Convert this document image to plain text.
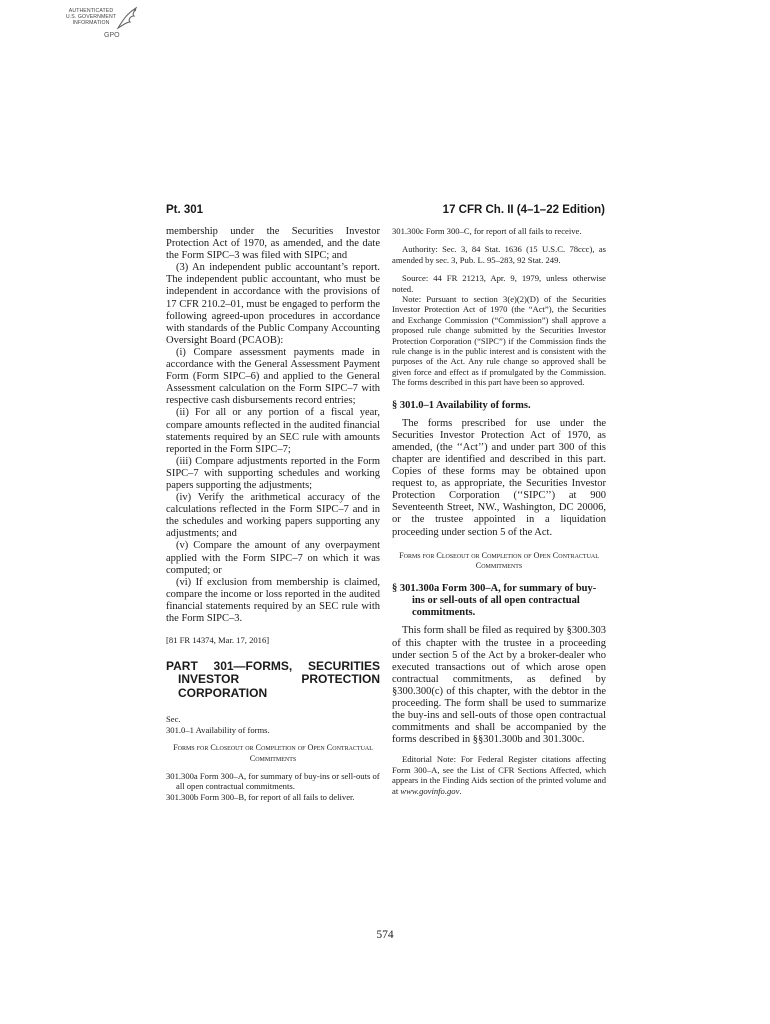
AUTHENTICATED
U.S. GOVERNMENT
INFORMATION
GPO
Pt. 301	17 CFR Ch. II (4–1–22 Edition)

membership under the Securities Investor Protection Act of 1970, as amended, and the date the Form SIPC–3 was filed with SIPC; and

(3) An independent public accountant’s report. The independent public accountant, who must be independent in accordance with the provisions of 17 CFR 210.2–01, must be engaged to perform the following agreed-upon procedures in accordance with standards of the Public Company Accounting Oversight Board (PCAOB):

(i) Compare assessment payments made in accordance with the General Assessment Payment Form (Form SIPC–6) and applied to the General Assessment calculation on the Form SIPC–7 with respective cash disbursements record entries;

(ii) For all or any portion of a fiscal year, compare amounts reflected in the audited financial statements required by an SEC rule with amounts reported in the Form SIPC–7;

(iii) Compare adjustments reported in the Form SIPC–7 with supporting schedules and working papers supporting the adjustments;

(iv) Verify the arithmetical accuracy of the calculations reflected in the Form SIPC–7 and in the schedules and working papers supporting any adjustments; and

(v) Compare the amount of any overpayment applied with the Form SIPC–7 on which it was computed; or

(vi) If exclusion from membership is claimed, compare the income or loss reported in the audited financial statements required by an SEC rule with the Form SIPC–3.

[81 FR 14374, Mar. 17, 2016]

PART 301—FORMS, SECURITIES INVESTOR PROTECTION CORPORATION

Sec.

301.0–1 Availability of forms.

Forms for Closeout or Completion of Open Contractual Commitments

301.300a Form 300–A, for summary of buy-ins or sell-outs of all open contractual commitments.

301.300b Form 300–B, for report of all fails to deliver.

301.300c Form 300–C, for report of all fails to receive.

Authority: Sec. 3, 84 Stat. 1636 (15 U.S.C. 78ccc), as amended by sec. 3, Pub. L. 95–283, 92 Stat. 249.

Source: 44 FR 21213, Apr. 9, 1979, unless otherwise noted.

Note: Pursuant to section 3(e)(2)(D) of the Securities Investor Protection Act of 1970 (the “Act”), the Securities and Exchange Commission (“Commission”) shall approve a proposed rule change submitted by the Securities Investor Protection Corporation (“SIPC”) if the Commission finds the rule change is in the public interest and is consistent with the purposes of the Act. Any rule change so approved shall be given force and effect as if promulgated by the Commission. The forms described in this part have been so approved.

§ 301.0–1 Availability of forms.

The forms prescribed for use under the Securities Investor Protection Act of 1970, as amended, (the ‘‘Act’’) and under part 300 of this chapter are identified and described in this part. Copies of these forms may be obtained upon request to, as appropriate, the Securities Investor Protection Corporation (‘‘SIPC’’) at 900 Seventeenth Street, NW., Washington, DC 20006, or the trustee appointed in a liquidation proceeding under section 5 of the Act.

Forms for Closeout or Completion of Open Contractual Commitments

§ 301.300a Form 300–A, for summary of buy-ins or sell-outs of all open contractual commitments.

This form shall be filed as required by §300.303 of this chapter with the trustee in a proceeding under section 5 of the Act by a broker-dealer who executed transactions out of which arose open contractual commitments, as defined by §300.300(c) of this chapter, with the debtor in the proceeding. The form shall be used to summarize the buy-ins and sell-outs of those open contractual commitments and shall be accompanied by the forms described in §§301.300b and 301.300c.

Editorial Note: For Federal Register citations affecting Form 300–A, see the List of CFR Sections Affected, which appears in the Finding Aids section of the printed volume and at www.govinfo.gov.

574
